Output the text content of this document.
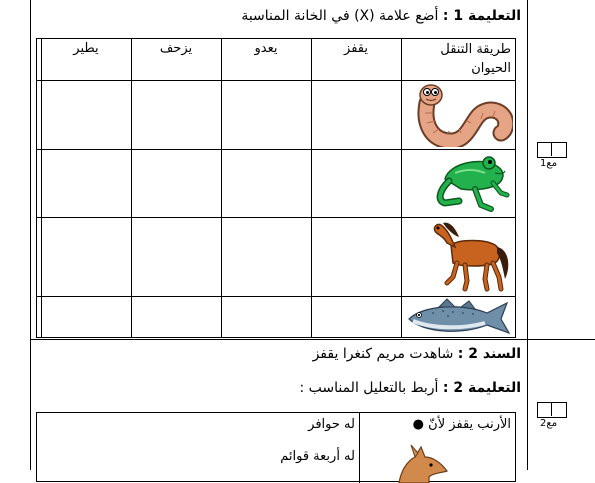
التعليمة 1 : أضع علامة (X) في الخانة المناسبة
يقفز
يعدو
يزحف
يطير	طريقة التنقل
الحيوان
مع1
السند 2 : شاهدت مريم كنغرا يقفز
التعليمة 2 : أربط بالتعليل المناسب :
الأرنب يقفز لأنّ ●
له حوافر
له أربعة قوائم
مع2
